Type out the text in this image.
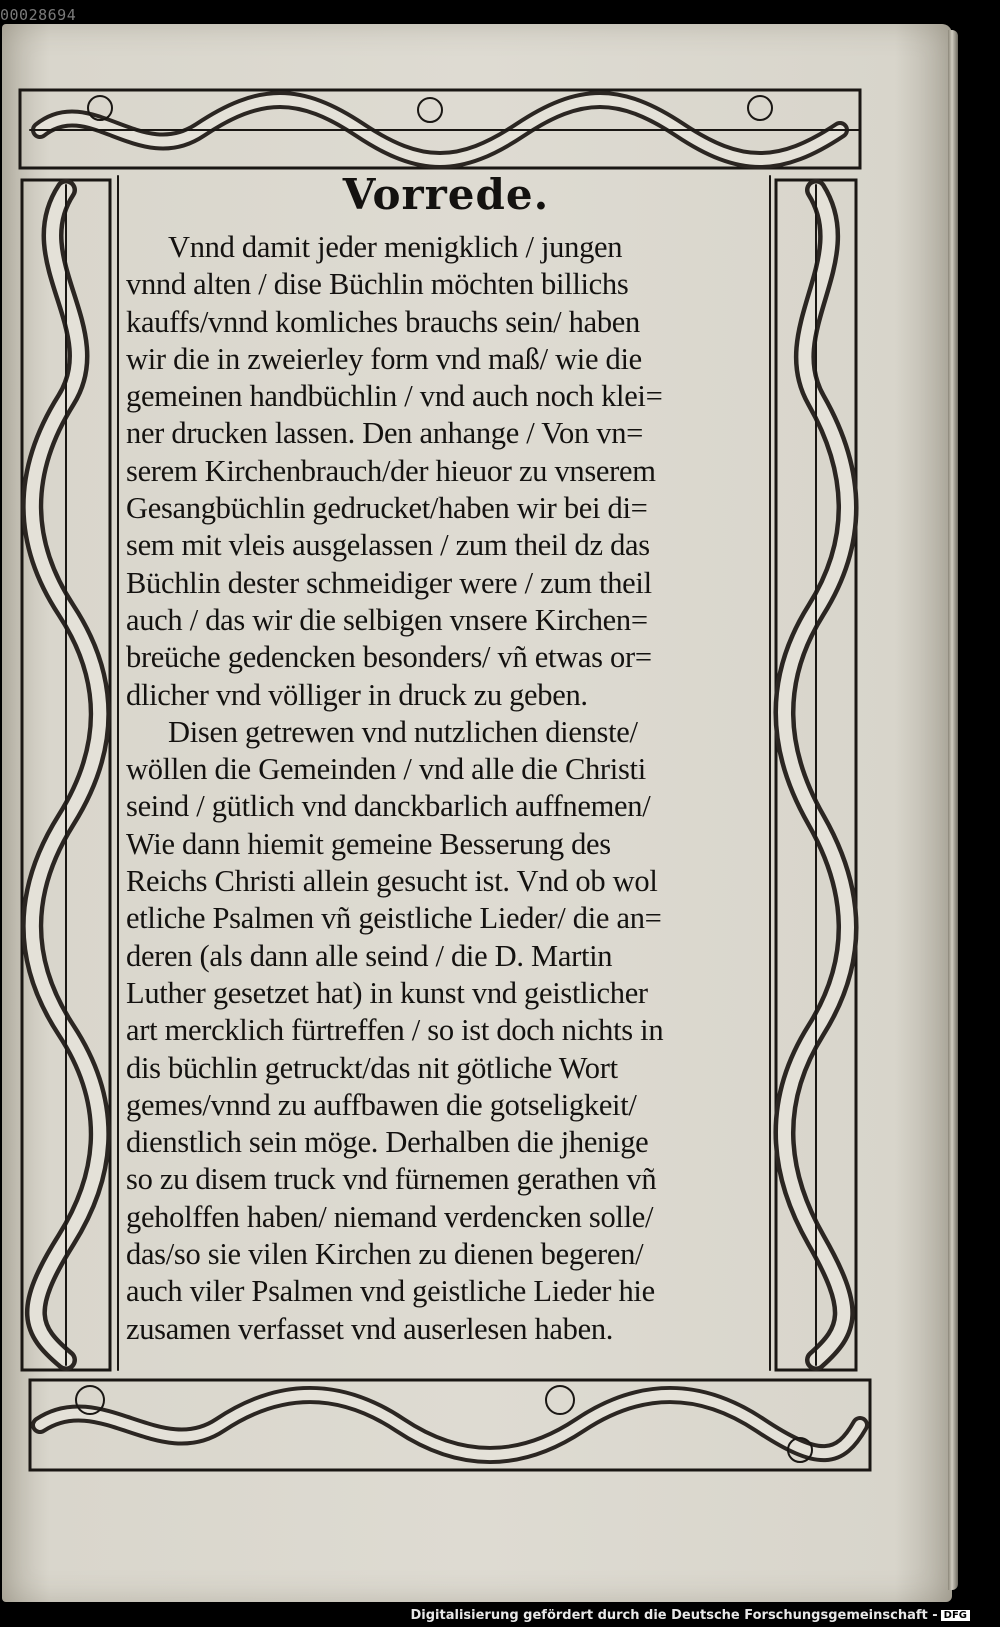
00028694
Vorrede.
Vnnd damit jeder menigklich / jungen
vnnd alten / dise Büchlin möchten billichs
kauffs/vnnd komliches brauchs sein/ haben
wir die in zweierley form vnd maß/ wie die
gemeinen handbüchlin / vnd auch noch klei=
ner drucken lassen. Den anhange / Von vn=
serem Kirchenbrauch/der hieuor zu vnserem
Gesangbüchlin gedrucket/haben wir bei di=
sem mit vleis ausgelassen / zum theil dz das
Büchlin dester schmeidiger were / zum theil
auch / das wir die selbigen vnsere Kirchen=
breüche gedencken besonders/ vñ etwas or=
dlicher vnd völliger in druck zu geben.
Disen getrewen vnd nutzlichen dienste/
wöllen die Gemeinden / vnd alle die Christi
seind / gütlich vnd danckbarlich auffnemen/
Wie dann hiemit gemeine Besserung des
Reichs Christi allein gesucht ist. Vnd ob wol
etliche Psalmen vñ geistliche Lieder/ die an=
deren (als dann alle seind / die D. Martin
Luther gesetzet hat) in kunst vnd geistlicher
art mercklich fürtreffen / so ist doch nichts in
dis büchlin getruckt/das nit götliche Wort
gemes/vnnd zu auffbawen die gotseligkeit/
dienstlich sein möge. Derhalben die jhenige
so zu disem truck vnd fürnemen gerathen vñ
geholffen haben/ niemand verdencken solle/
das/so sie vilen Kirchen zu dienen begeren/
auch viler Psalmen vnd geistliche Lieder hie
zusamen verfasset vnd auserlesen haben.
Digitalisierung gefördert durch die Deutsche Forschungsgemeinschaft - DFG
